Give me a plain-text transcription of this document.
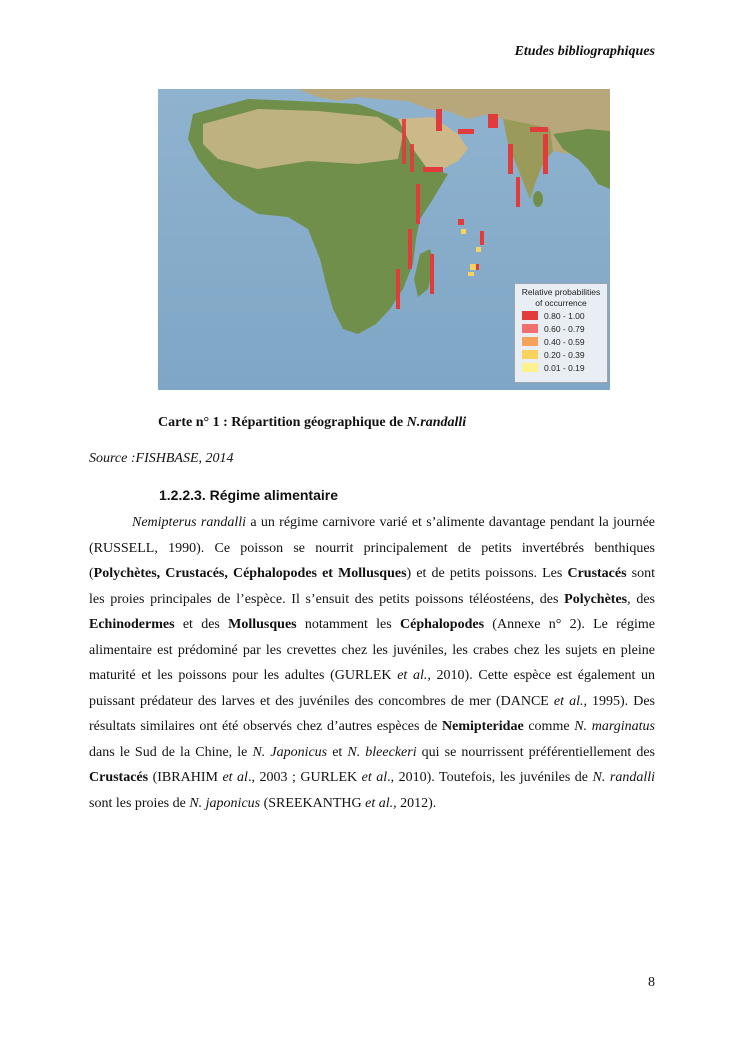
Etudes bibliographiques
Relative probabilities
of occurrence
0.80 - 1.00
0.60 - 0.79
0.40 - 0.59
0.20 - 0.39
0.01 - 0.19
Carte n° 1 : Répartition géographique de N.randalli
Source :FISHBASE, 2014
1.2.2.3. Régime alimentaire

Nemipterus randalli a un régime carnivore varié et s’alimente davantage pendant la journée (RUSSELL, 1990). Ce poisson se nourrit principalement de petits invertébrés benthiques (Polychètes, Crustacés, Céphalopodes et Mollusques) et de petits poissons. Les Crustacés sont les proies principales de l’espèce. Il s’ensuit des petits poissons téléostéens, des Polychètes, des Echinodermes et des Mollusques notamment les Céphalopodes (Annexe n° 2). Le régime alimentaire est prédominé par les crevettes chez les juvéniles, les crabes chez les sujets en pleine maturité et les poissons pour les adultes (GURLEK et al., 2010). Cette espèce est également un puissant prédateur des larves et des juvéniles des concombres de mer (DANCE et al., 1995). Des résultats similaires ont été observés chez d’autres espèces de Nemipteridae comme N. marginatus dans le Sud de la Chine, le N. Japonicus et N. bleeckeri qui se nourrissent préférentiellement des Crustacés (IBRAHIM et al., 2003 ; GURLEK et al., 2010). Toutefois, les juvéniles de N. randalli sont les proies de N. japonicus (SREEKANTHG et al., 2012).

8
